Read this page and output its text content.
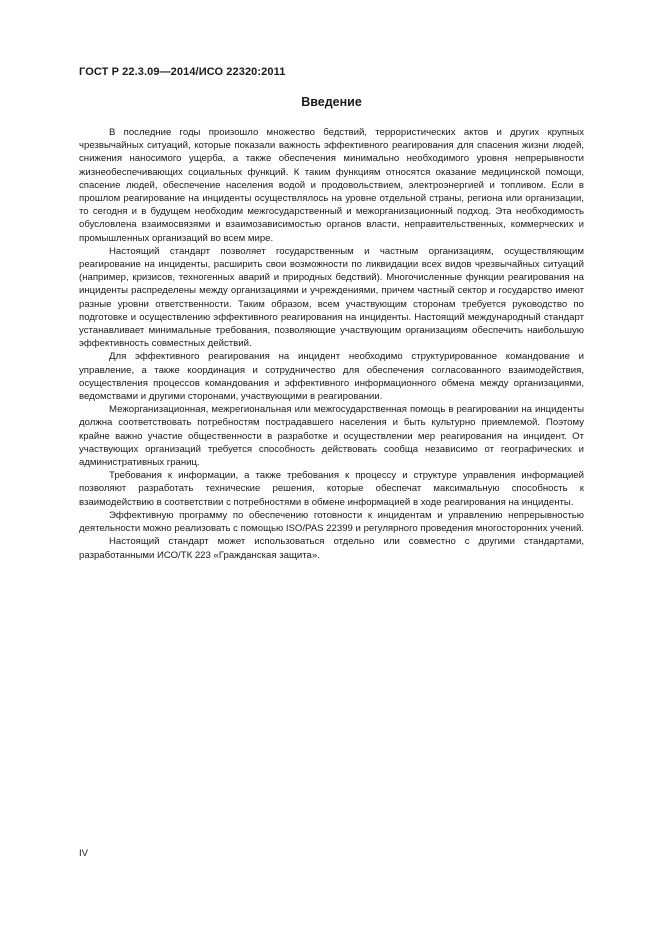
ГОСТ Р 22.3.09—2014/ИСО 22320:2011
Введение

В последние годы произошло множество бедствий, террористических актов и других крупных чрезвычайных ситуаций, которые показали важность эффективного реагирования для спасения жизни людей, снижения наносимого ущерба, а также обеспечения минимально необходимого уровня непрерывности жизнеобеспечивающих социальных функций. К таким функциям относятся оказание медицинской помощи, спасение людей, обеспечение населения водой и продовольствием, электроэнергией и топливом. Если в прошлом реагирование на инциденты осуществлялось на уровне отдельной страны, региона или организации, то сегодня и в будущем необходим межгосударственный и межорганизационный подход. Эта необходимость обусловлена взаимосвязями и взаимозависимостью органов власти, неправительственных, коммерческих и промышленных организаций во всем мире.

Настоящий стандарт позволяет государственным и частным организациям, осуществляющим реагирование на инциденты, расширить свои возможности по ликвидации всех видов чрезвычайных ситуаций (например, кризисов, техногенных аварий и природных бедствий). Многочисленные функции реагирования на инциденты распределены между организациями и учреждениями, причем частный сектор и государство имеют разные уровни ответственности. Таким образом, всем участвующим сторонам требуется руководство по подготовке и осуществлению эффективного реагирования на инциденты. Настоящий международный стандарт устанавливает минимальные требования, позволяющие участвующим организациям обеспечить наибольшую эффективность совместных действий.

Для эффективного реагирования на инцидент необходимо структурированное командование и управление, а также координация и сотрудничество для обеспечения согласованного взаимодействия, осуществления процессов командования и эффективного информационного обмена между организациями, ведомствами и другими сторонами, участвующими в реагировании.

Межорганизационная, межрегиональная или межгосударственная помощь в реагировании на инциденты должна соответствовать потребностям пострадавшего населения и быть культурно приемлемой. Поэтому крайне важно участие общественности в разработке и осуществлении мер реагирования на инцидент. От участвующих организаций требуется способность действовать сообща независимо от географических и административных границ.

Требования к информации, а также требования к процессу и структуре управления информацией позволяют разработать технические решения, которые обеспечат максимальную способность к взаимодействию в соответствии с потребностями в обмене информацией в ходе реагирования на инциденты.

Эффективную программу по обеспечению готовности к инцидентам и управлению непрерывностью деятельности можно реализовать с помощью ISO/PAS 22399 и регулярного проведения многосторонних учений.

Настоящий стандарт может использоваться отдельно или совместно с другими стандартами, разработанными ИСО/ТК 223 «Гражданская защита».

IV
